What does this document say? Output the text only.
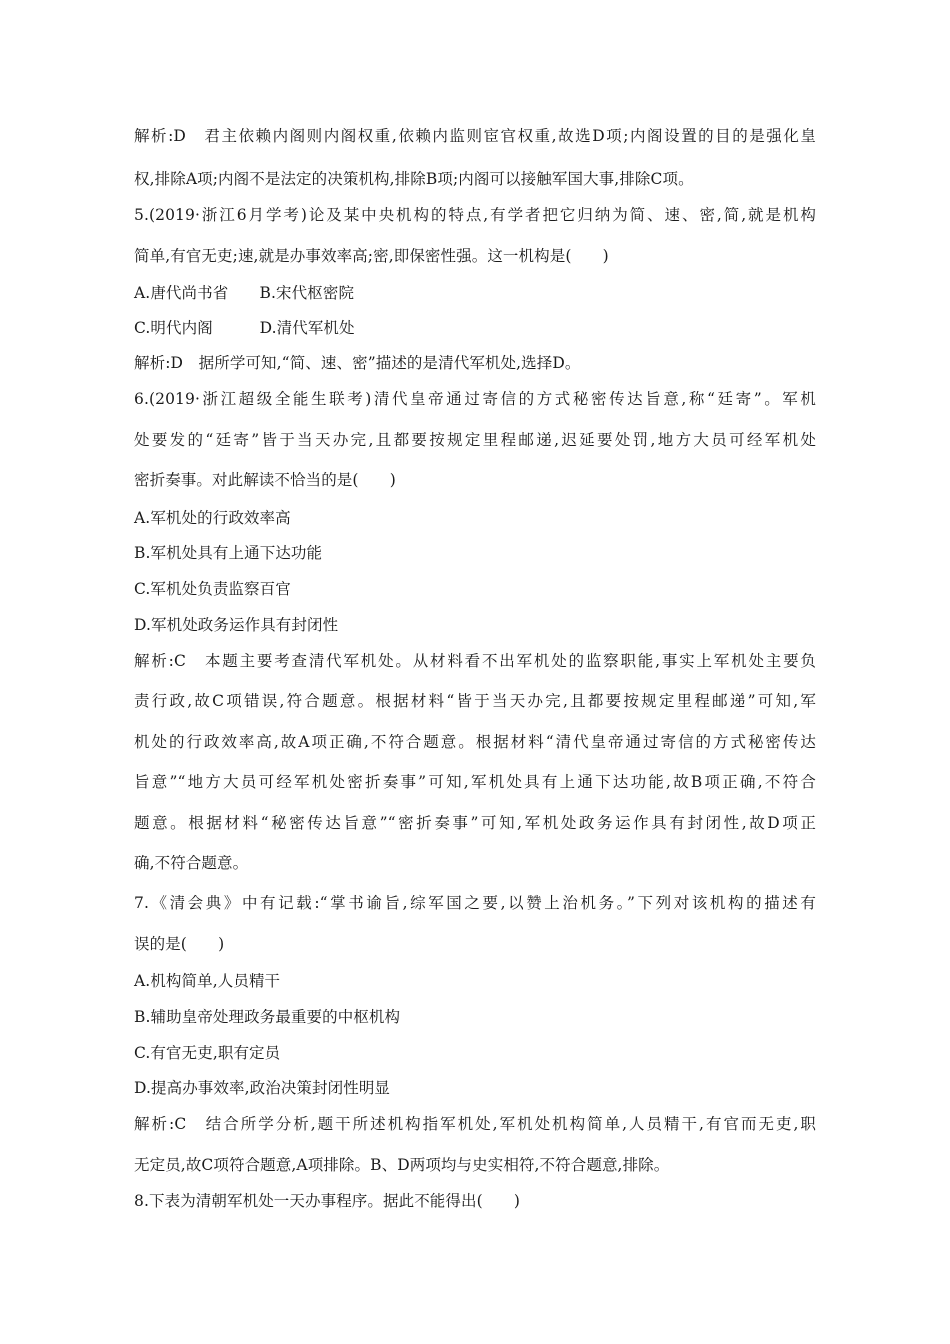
解析:D　君主依赖内阁则内阁权重,依赖内监则宦官权重,故选D项;内阁设置的目的是强化皇
权,排除A项;内阁不是法定的决策机构,排除B项;内阁可以接触军国大事,排除C项。
5.(2019·浙江6月学考)论及某中央机构的特点,有学者把它归纳为简、速、密,简,就是机构
简单,有官无吏;速,就是办事效率高;密,即保密性强。这一机构是(　　)
A.唐代尚书省　　B.宋代枢密院
C.明代内阁　　　D.清代军机处
解析:D　据所学可知,“简、速、密”描述的是清代军机处,选择D。
6.(2019·浙江超级全能生联考)清代皇帝通过寄信的方式秘密传达旨意,称“廷寄”。军机
处要发的“廷寄”皆于当天办完,且都要按规定里程邮递,迟延要处罚,地方大员可经军机处
密折奏事。对此解读不恰当的是(　　)
A.军机处的行政效率高
B.军机处具有上通下达功能
C.军机处负责监察百官
D.军机处政务运作具有封闭性
解析:C　本题主要考查清代军机处。从材料看不出军机处的监察职能,事实上军机处主要负
责行政,故C项错误,符合题意。根据材料“皆于当天办完,且都要按规定里程邮递”可知,军
机处的行政效率高,故A项正确,不符合题意。根据材料“清代皇帝通过寄信的方式秘密传达
旨意”“地方大员可经军机处密折奏事”可知,军机处具有上通下达功能,故B项正确,不符合
题意。根据材料“秘密传达旨意”“密折奏事”可知,军机处政务运作具有封闭性,故D项正
确,不符合题意。
7.《清会典》中有记载:“掌书谕旨,综军国之要,以赞上治机务。”下列对该机构的描述有
误的是(　　)
A.机构简单,人员精干
B.辅助皇帝处理政务最重要的中枢机构
C.有官无吏,职有定员
D.提高办事效率,政治决策封闭性明显
解析:C　结合所学分析,题干所述机构指军机处,军机处机构简单,人员精干,有官而无吏,职
无定员,故C项符合题意,A项排除。B、D两项均与史实相符,不符合题意,排除。
8.下表为清朝军机处一天办事程序。据此不能得出(　　)
